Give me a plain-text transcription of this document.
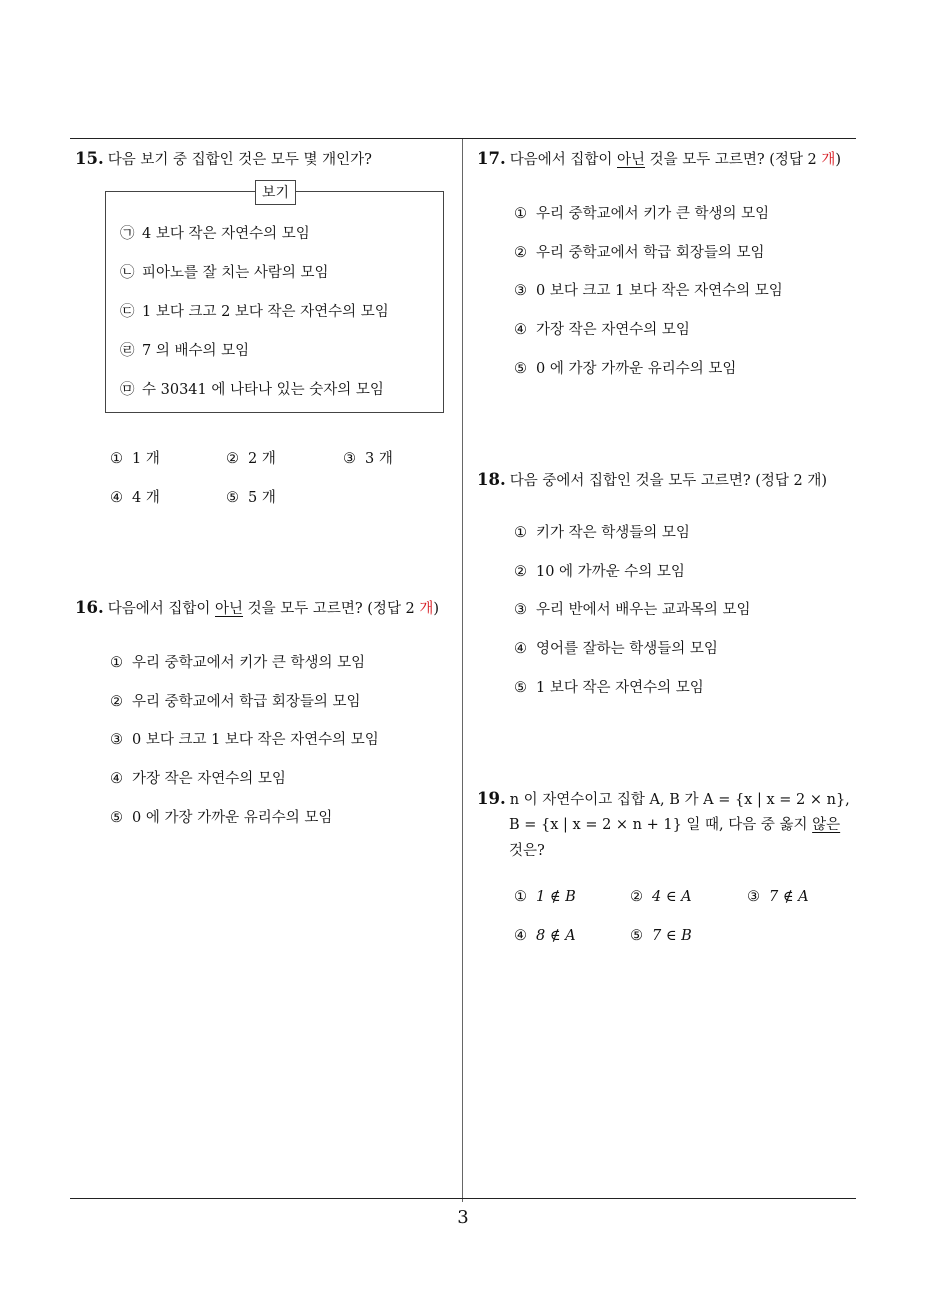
3
15. 다음 보기 중 집합인 것은 모두 몇 개인가?
보기
㉠ 4 보다 작은 자연수의 모임
㉡ 피아노를 잘 치는 사람의 모임
㉢ 1 보다 크고 2 보다 작은 자연수의 모임
㉣ 7 의 배수의 모임
㉤ 수 30341 에 나타나 있는 숫자의 모임
① 1 개	② 2 개	③ 3 개
④ 4 개	⑤ 5 개
16. 다음에서 집합이 아닌 것을 모두 고르면? (정답 2 개)
① 우리 중학교에서 키가 큰 학생의 모임
② 우리 중학교에서 학급 회장들의 모임
③ 0 보다 크고 1 보다 작은 자연수의 모임
④ 가장 작은 자연수의 모임
⑤ 0 에 가장 가까운 유리수의 모임
17. 다음에서 집합이 아닌 것을 모두 고르면? (정답 2 개)
① 우리 중학교에서 키가 큰 학생의 모임
② 우리 중학교에서 학급 회장들의 모임
③ 0 보다 크고 1 보다 작은 자연수의 모임
④ 가장 작은 자연수의 모임
⑤ 0 에 가장 가까운 유리수의 모임
18. 다음 중에서 집합인 것을 모두 고르면? (정답 2 개)
① 키가 작은 학생들의 모임
② 10 에 가까운 수의 모임
③ 우리 반에서 배우는 교과목의 모임
④ 영어를 잘하는 학생들의 모임
⑤ 1 보다 작은 자연수의 모임
19. n 이 자연수이고 집합 A, B 가 A = {x | x = 2 × n},
B = {x | x = 2 × n + 1} 일 때, 다음 중 옳지 않은
것은?
① 1 ∉ B	② 4 ∈ A	③ 7 ∉ A
④ 8 ∉ A	⑤ 7 ∈ B
